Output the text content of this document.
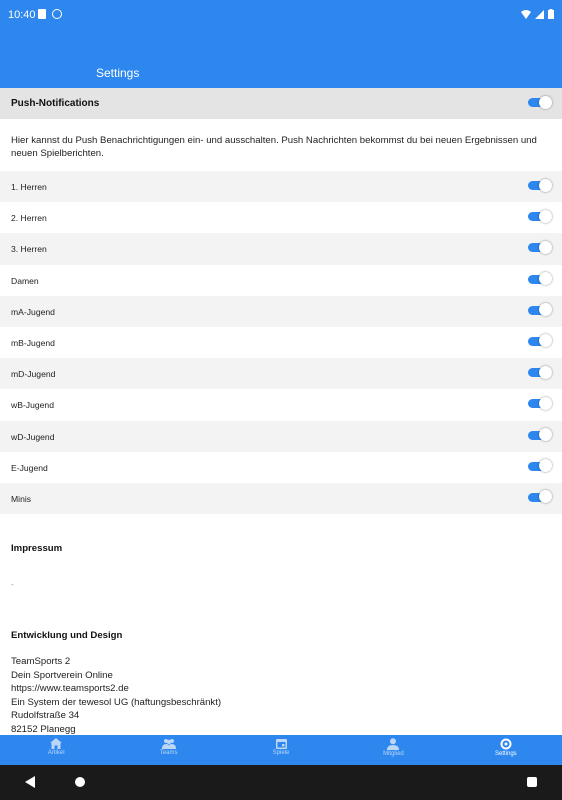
10:40
Settings
Push-Notifications
Hier kannst du Push Benachrichtigungen ein- und ausschalten. Push Nachrichten bekommst du bei neuen Ergebnissen und neuen Spielberichten.
1. Herren
2. Herren
3. Herren
Damen
mA-Jugend
mB-Jugend
mD-Jugend
wB-Jugend
wD-Jugend
E-Jugend
Minis
Impressum
-
Entwicklung und Design
TeamSports 2
Dein Sportverein Online
https://www.teamsports2.de
Ein System der tewesol UG (haftungsbeschränkt)
Rudolfstraße 34
82152 Planegg
Artikel	Teams	Spiele	Mitglied	Settings
